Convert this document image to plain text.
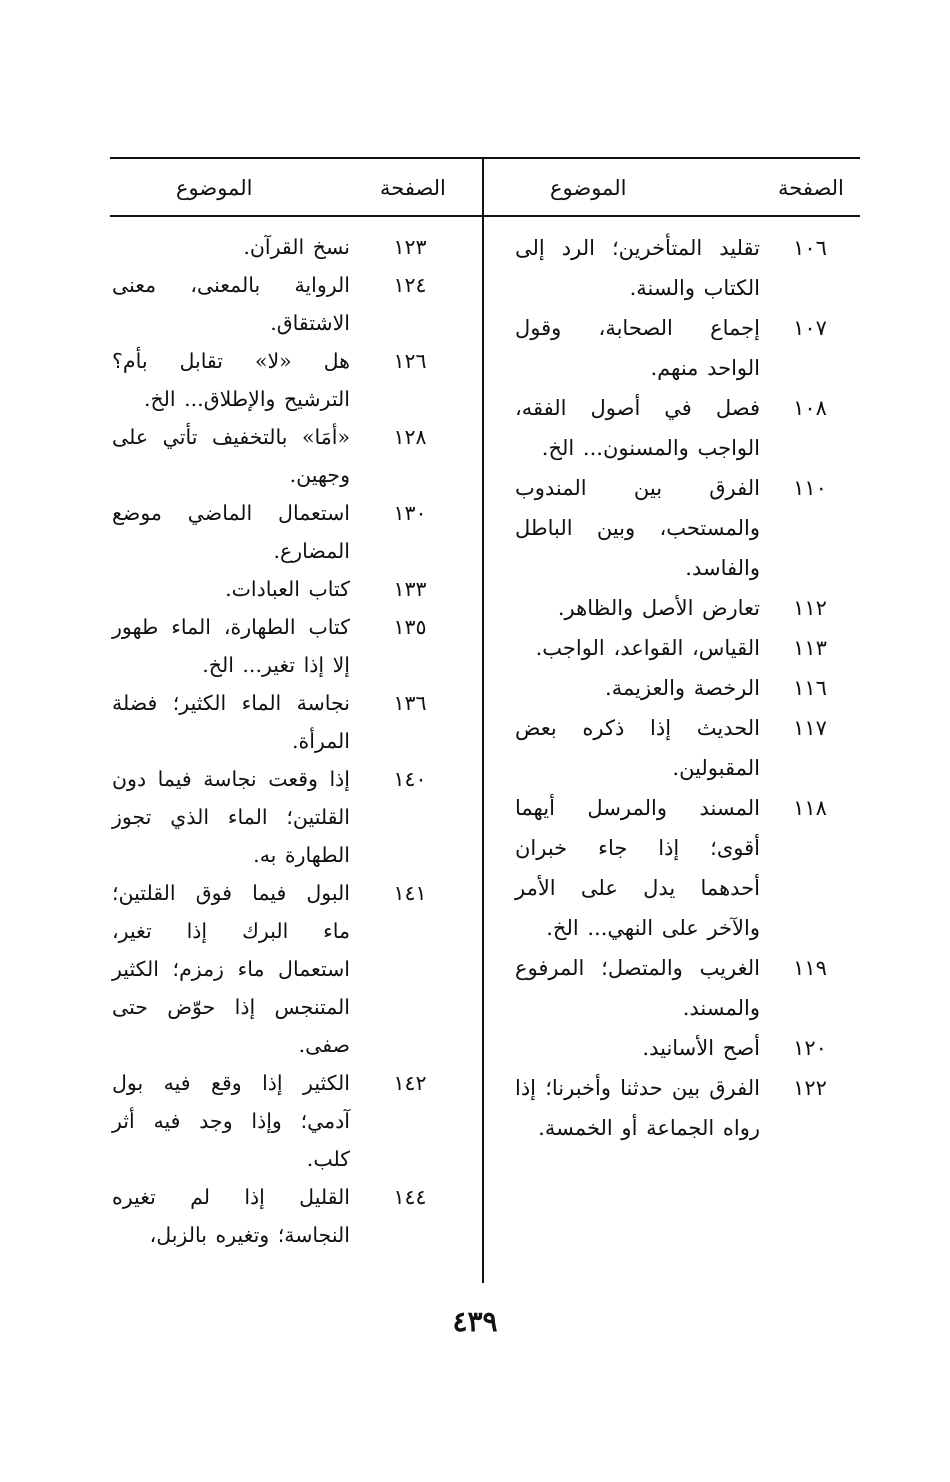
الصفحة
الموضوع
الصفحة
الموضوع
١٠٦
تقليد المتأخرين؛ الرد إلى الكتاب والسنة.
١٠٧
إجماع الصحابة، وقول الواحد منهم.
١٠٨
فصل في أصول الفقه، الواجب والمسنون... الخ.
١١٠
الفرق بين المندوب والمستحب، وبين الباطل والفاسد.
١١٢
تعارض الأصل والظاهر.
١١٣
القياس، القواعد، الواجب.
١١٦
الرخصة والعزيمة.
١١٧
الحديث إذا ذكره بعض المقبولين.
١١٨
المسند والمرسل أيهما أقوى؛ إذا جاء خبران أحدهما يدل على الأمر والآخر على النهي... الخ.
١١٩
الغريب والمتصل؛ المرفوع والمسند.
١٢٠
أصح الأسانيد.
١٢٢
الفرق بين حدثنا وأخبرنا؛ إذا رواه الجماعة أو الخمسة.
١٢٣
نسخ القرآن.
١٢٤
الرواية بالمعنى، معنى الاشتقاق.
١٢٦
هل «لا» تقابل بأم؟ الترشيح والإطلاق... الخ.
١٢٨
«أمَا» بالتخفيف تأتي على وجهين.
١٣٠
استعمال الماضي موضع المضارع.
١٣٣
كتاب العبادات.
١٣٥
كتاب الطهارة، الماء طهور إلا إذا تغير... الخ.
١٣٦
نجاسة الماء الكثير؛ فضلة المرأة.
١٤٠
إذا وقعت نجاسة فيما دون القلتين؛ الماء الذي تجوز الطهارة به.
١٤١
البول فيما فوق القلتين؛ ماء البرك إذا تغير، استعمال ماء زمزم؛ الكثير المتنجس إذا حوّض حتى صفى.
١٤٢
الكثير إذا وقع فيه بول آدمي؛ وإذا وجد فيه أثر كلب.
١٤٤
القليل إذا لم تغيره النجاسة؛ وتغيره بالزبل،
٤٣٩
